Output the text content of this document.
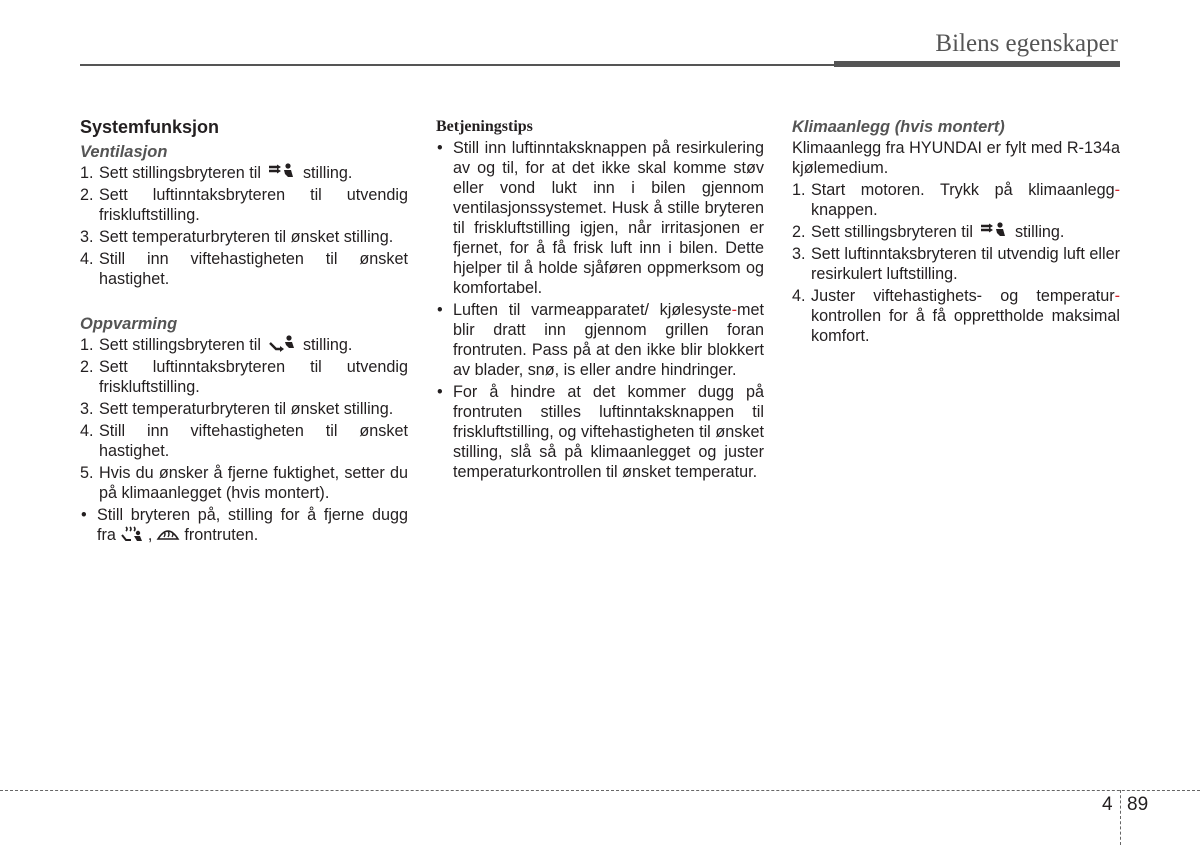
Bilens egenskaper
Systemfunksjon
Ventilasjon
1. Sett stillingsbryteren til	stilling.
2. Sett luftinntaksbryteren til utvendig friskluftstilling.
3. Sett temperaturbryteren til ønsket stilling.
4. Still inn viftehastigheten til ønsket hastighet.
Oppvarming
1. Sett stillingsbryteren til	stilling.
2. Sett luftinntaksbryteren til utvendig friskluftstilling.
3. Sett temperaturbryteren til ønsket stilling.
4. Still inn viftehastigheten til ønsket hastighet.
5. Hvis du ønsker å fjerne fuktighet, setter du på klimaanlegget (hvis montert).
• Still bryteren på, stilling for å fjerne dugg fra , frontruten.
Betjeningstips
• Still inn luftinntaksknappen på resirkulering av og til, for at det ikke skal komme støv eller vond lukt inn i bilen gjennom ventilasjonssystemet. Husk å stille bryteren til friskluftstilling igjen, når irritasjonen er fjernet, for å få frisk luft inn i bilen. Dette hjelper til å holde sjåføren oppmerksom og komfortabel.
• Luften til varmeapparatet/ kjølesyste-met blir dratt inn gjennom grillen foran frontruten. Pass på at den ikke blir blokkert av blader, snø, is eller andre hindringer.
• For å hindre at det kommer dugg på frontruten stilles luftinntaksknappen til friskluftstilling, og viftehastigheten til ønsket stilling, slå så på klimaanlegget og juster temperaturkontrollen til ønsket temperatur.
Klimaanlegg (hvis montert)

Klimaanlegg fra HYUNDAI er fylt med R-134a kjølemedium.

1. Start motoren. Trykk på klimaanlegg-knappen.
2. Sett stillingsbryteren til	stilling.
3. Sett luftinntaksbryteren til utvendig luft eller resirkulert luftstilling.
4. Juster viftehastighets- og temperatur-kontrollen for å få opprettholde maksimal komfort.
4 89
